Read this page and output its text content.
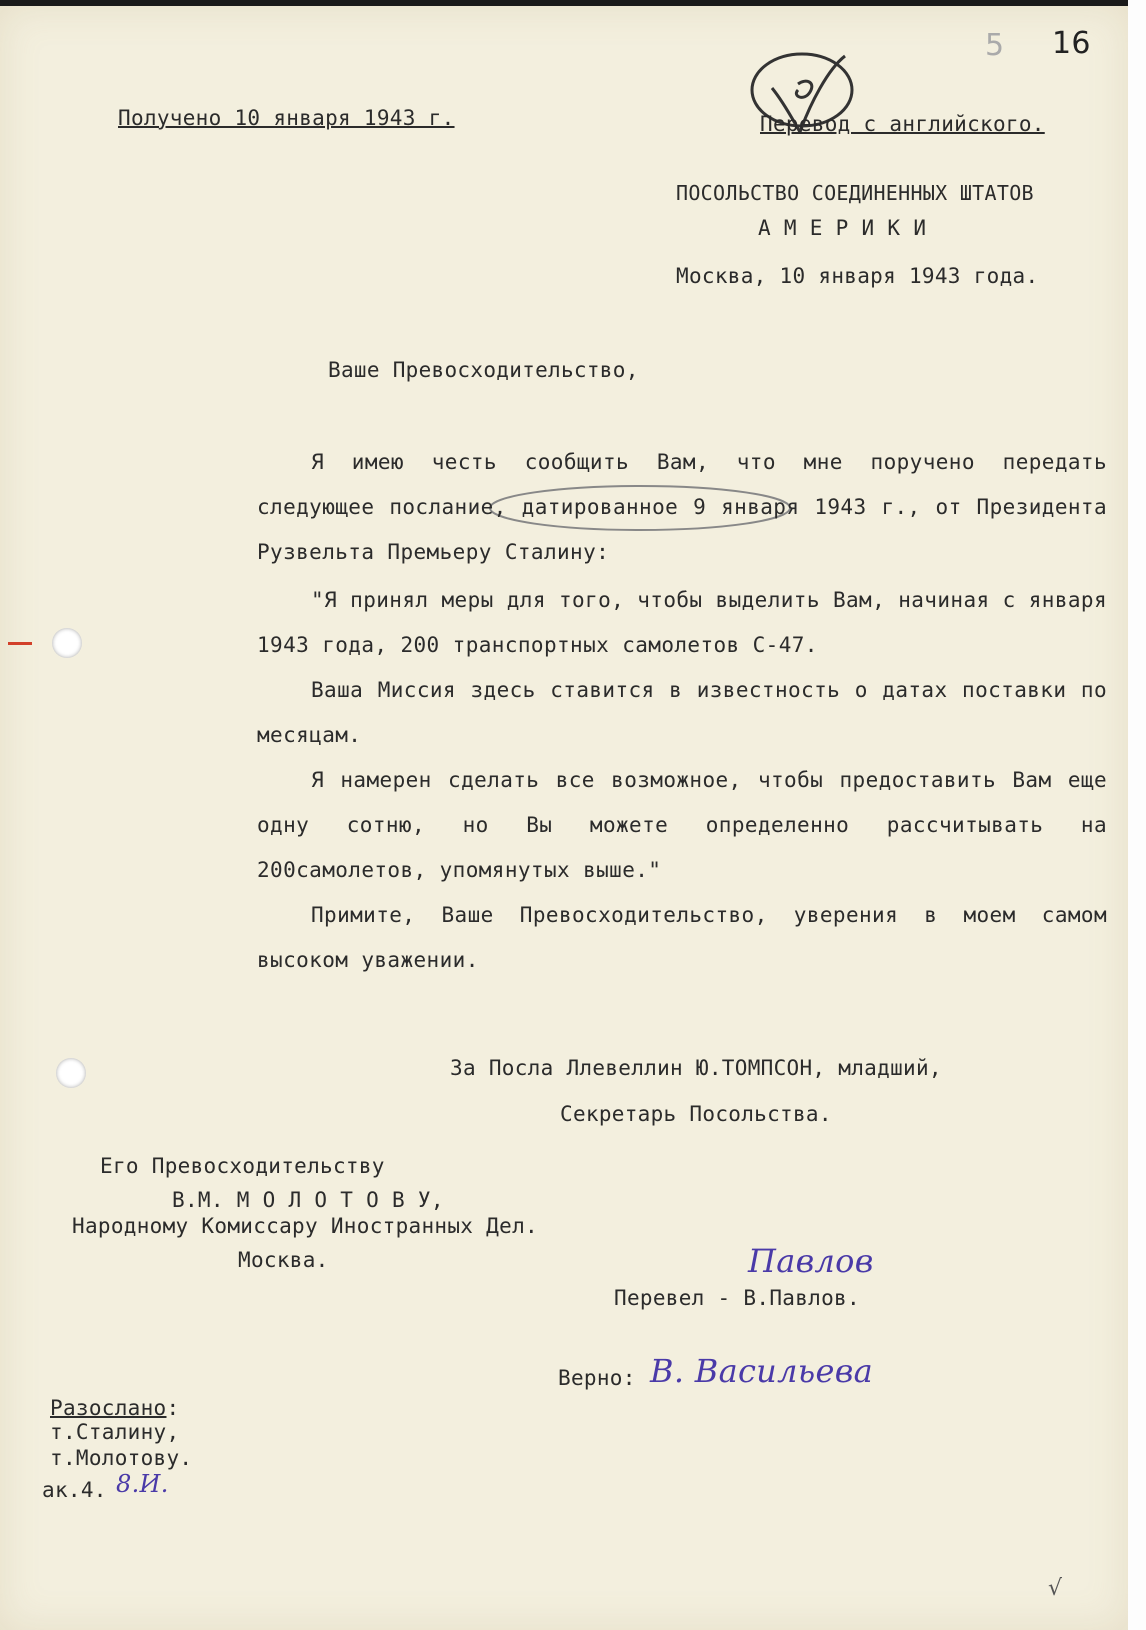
5 16
Получено 10 января 1943 г.	Перевод с английского.
ПОСОЛЬСТВО СОЕДИНЕННЫХ ШТАТОВ
А М Е Р И К И
Москва, 10 января 1943 года.
Ваше Превосходительство,

Я имею честь сообщить Вам, что мне поручено передать следующее послание, датированное 9 января 1943 г., от Президента Рузвельта Премьеру Сталину:

"Я принял меры для того, чтобы выделить Вам, начиная с января 1943 года, 200 транспортных самолетов С-47.

Ваша Миссия здесь ставится в известность о датах поставки по месяцам.

Я намерен сделать все возможное, чтобы предоставить Вам еще одну сотню, но Вы можете определенно рассчитывать на 200самолетов, упомянутых выше."

Примите, Ваше Превосходительство, уверения в моем самом высоком уважении.

За Посла Ллевеллин Ю.ТОМПСОН, младший,
Секретарь Посольства.
Его Превосходительству
В.М. М О Л О Т О В У,
Народному Комиссару Иностранных Дел.
Москва.	Павлов
Перевел - В.Павлов.
Верно: В. Васильева
Разослано:
т.Сталину,
т.Молотову.
ак.4. 8.И.
√
